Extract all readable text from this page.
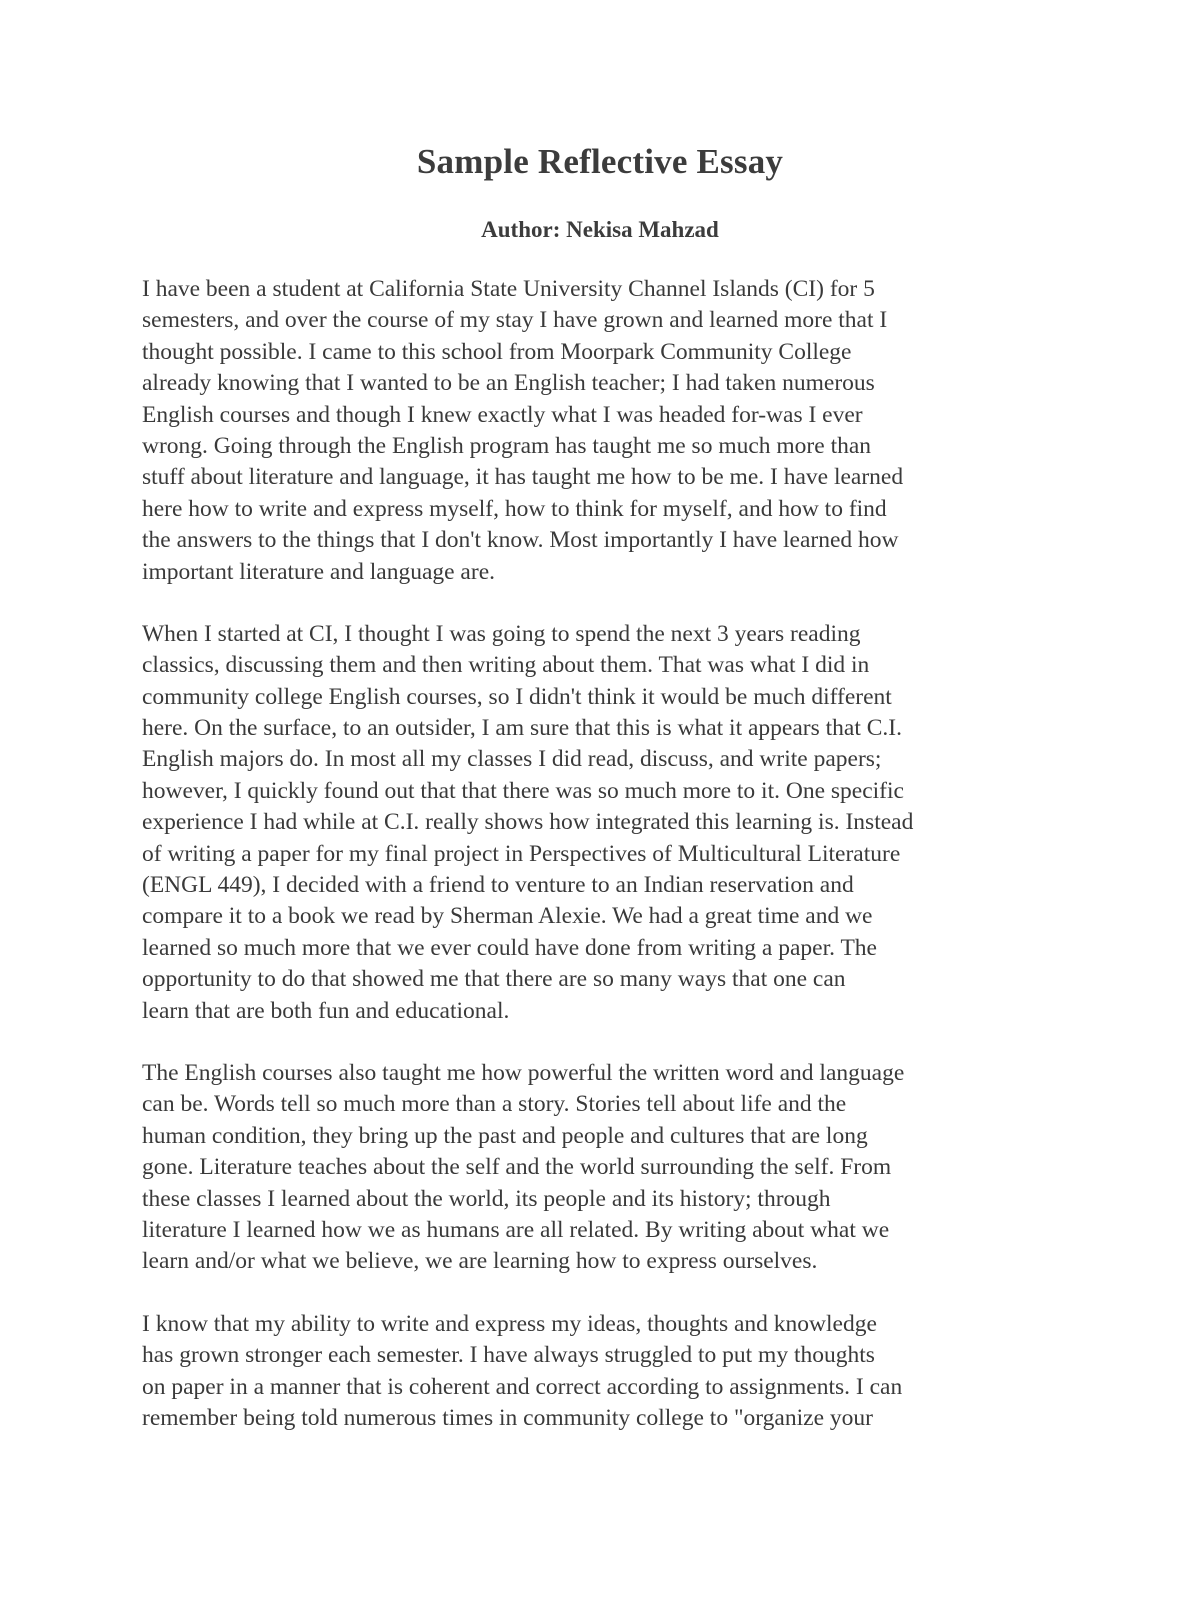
Sample Reflective Essay
Author: Nekisa Mahzad
I have been a student at California State University Channel Islands (CI) for 5
semesters, and over the course of my stay I have grown and learned more that I
thought possible. I came to this school from Moorpark Community College
already knowing that I wanted to be an English teacher; I had taken numerous
English courses and though I knew exactly what I was headed for-was I ever
wrong. Going through the English program has taught me so much more than
stuff about literature and language, it has taught me how to be me. I have learned
here how to write and express myself, how to think for myself, and how to find
the answers to the things that I don't know. Most importantly I have learned how
important literature and language are.
When I started at CI, I thought I was going to spend the next 3 years reading
classics, discussing them and then writing about them. That was what I did in
community college English courses, so I didn't think it would be much different
here. On the surface, to an outsider, I am sure that this is what it appears that C.I.
English majors do. In most all my classes I did read, discuss, and write papers;
however, I quickly found out that that there was so much more to it. One specific
experience I had while at C.I. really shows how integrated this learning is. Instead
of writing a paper for my final project in Perspectives of Multicultural Literature
(ENGL 449), I decided with a friend to venture to an Indian reservation and
compare it to a book we read by Sherman Alexie. We had a great time and we
learned so much more that we ever could have done from writing a paper. The
opportunity to do that showed me that there are so many ways that one can
learn that are both fun and educational.
The English courses also taught me how powerful the written word and language
can be. Words tell so much more than a story. Stories tell about life and the
human condition, they bring up the past and people and cultures that are long
gone. Literature teaches about the self and the world surrounding the self. From
these classes I learned about the world, its people and its history; through
literature I learned how we as humans are all related. By writing about what we
learn and/or what we believe, we are learning how to express ourselves.
I know that my ability to write and express my ideas, thoughts and knowledge
has grown stronger each semester. I have always struggled to put my thoughts
on paper in a manner that is coherent and correct according to assignments. I can
remember being told numerous times in community college to "organize your
